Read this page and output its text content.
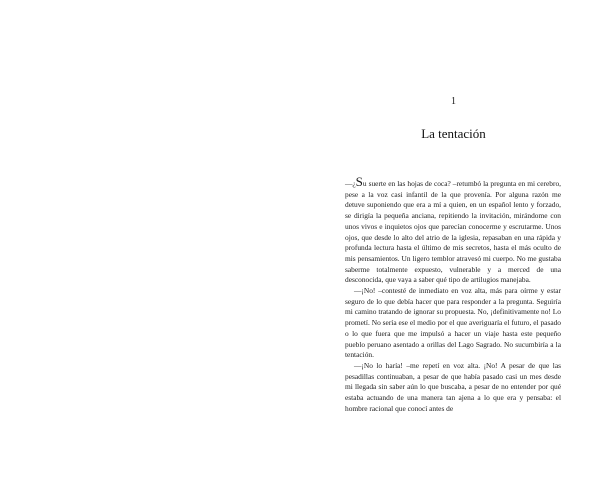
1
La tentación

—¿Su suerte en las hojas de coca? –retumbó la pregunta en mi cerebro, pese a la voz casi infantil de la que provenía. Por alguna razón me detuve suponiendo que era a mí a quien, en un español lento y forzado, se dirigía la pequeña anciana, repitiendo la invitación, mirándome con unos vivos e inquietos ojos que parecían conocerme y escrutarme. Unos ojos, que desde lo alto del atrio de la iglesia, repasaban en una rápida y profunda lectura hasta el último de mis secretos, hasta el más oculto de mis pensamientos. Un ligero temblor atravesó mi cuerpo. No me gustaba saberme totalmente expuesto, vulnerable y a merced de una desconocida, que vaya a saber qué tipo de artilugios manejaba.

—¡No! –contesté de inmediato en voz alta, más para oírme y estar seguro de lo que debía hacer que para responder a la pregunta. Seguiría mi camino tratando de ignorar su propuesta. No, ¡definitivamente no! Lo prometí. No sería ese el medio por el que averiguaría el futuro, el pasado o lo que fuera que me impulsó a hacer un viaje hasta este pequeño pueblo peruano asentado a orillas del Lago Sagrado. No sucumbiría a la tentación.

—¡No lo haría! –me repetí en voz alta. ¡No! A pesar de que las pesadillas continuaban, a pesar de que había pasado casi un mes desde mi llegada sin saber aún lo que buscaba, a pesar de no entender por qué estaba actuando de una manera tan ajena a lo que era y pensaba: el hombre racional que conocí antes de
